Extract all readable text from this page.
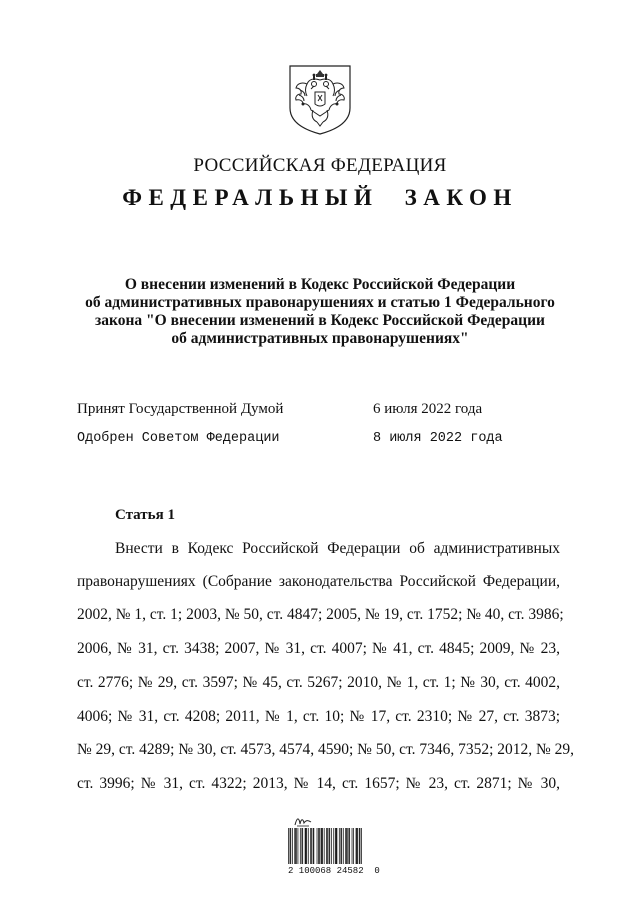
РОССИЙСКАЯ ФЕДЕРАЦИЯ
ФЕДЕРАЛЬНЫЙ ЗАКОН
О внесении изменений в Кодекс Российской Федерации
об административных правонарушениях и статью 1 Федерального
закона "О внесении изменений в Кодекс Российской Федерации
об административных правонарушениях"
Принят Государственной Думой	6 июля 2022 года
Одобрен Советом Федерации	8 июля 2022 года
Статья 1
Внести в Кодекс Российской Федерации об административных
правонарушениях (Собрание законодательства Российской Федерации,
2002, № 1, ст. 1; 2003, № 50, ст. 4847; 2005, № 19, ст. 1752; № 40, ст. 3986;
2006, № 31, ст. 3438; 2007, № 31, ст. 4007; № 41, ст. 4845; 2009, № 23,
ст. 2776; № 29, ст. 3597; № 45, ст. 5267; 2010, № 1, ст. 1; № 30, ст. 4002,
4006; № 31, ст. 4208; 2011, № 1, ст. 10; № 17, ст. 2310; № 27, ст. 3873;
№ 29, ст. 4289; № 30, ст. 4573, 4574, 4590; № 50, ст. 7346, 7352; 2012, № 29,
ст. 3996; № 31, ст. 4322; 2013, № 14, ст. 1657; № 23, ст. 2871; № 30,
2 100068 24582  0
